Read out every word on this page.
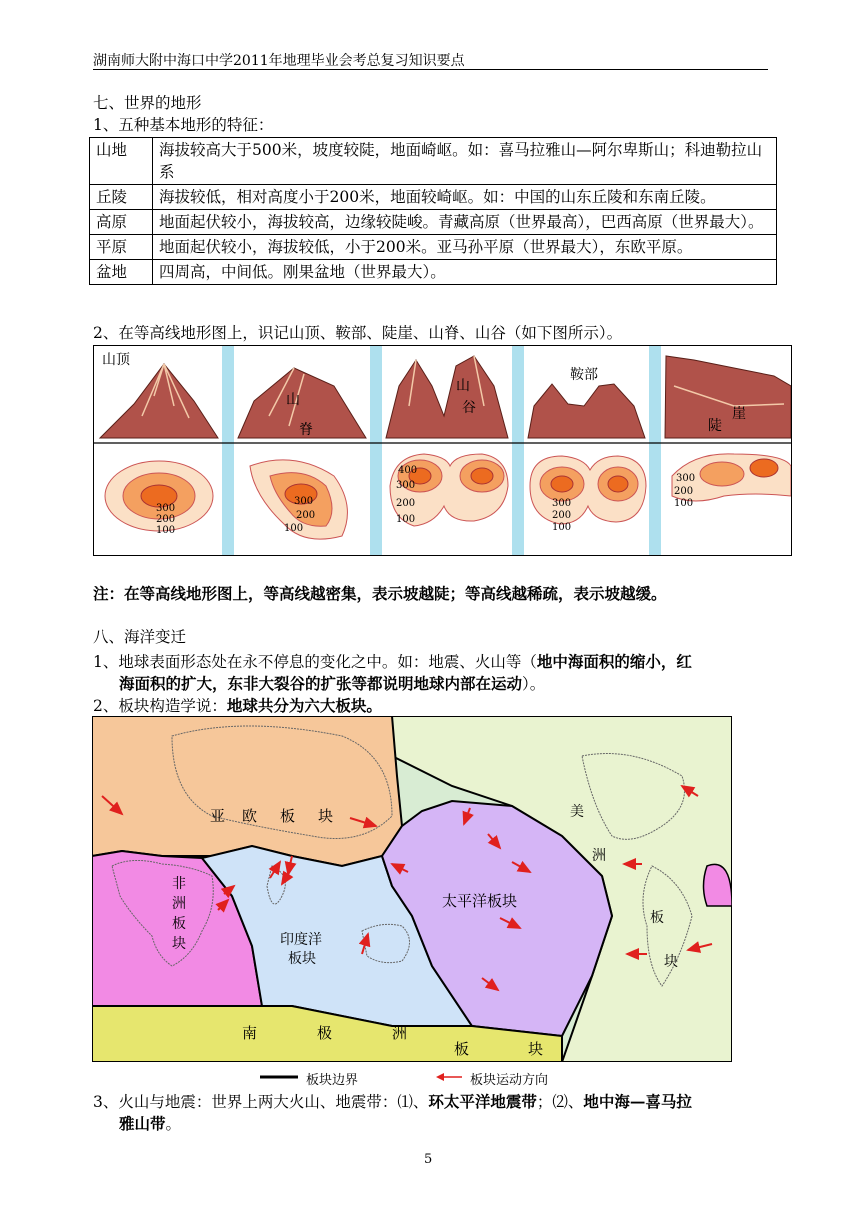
湖南师大附中海口中学2011年地理毕业会考总复习知识要点
七、世界的地形
1、五种基本地形的特征：
山地	海拔较高大于500米，坡度较陡，地面崎岖。如：喜马拉雅山—阿尔卑斯山；科迪勒拉山系
丘陵	海拔较低，相对高度小于200米，地面较崎岖。如：中国的山东丘陵和东南丘陵。
高原	地面起伏较小，海拔较高，边缘较陡峻。青藏高原（世界最高），巴西高原（世界最大）。
平原	地面起伏较小，海拔较低，小于200米。亚马孙平原（世界最大），东欧平原。
盆地	四周高，中间低。刚果盆地（世界最大）。
2、在等高线地形图上，识记山顶、鞍部、陡崖、山脊、山谷（如下图所示）。
山顶
300
200
100
山
脊
300
200
100
山
谷
400
300
200
100
鞍部
300
200
100
陡
崖
300
200
100
注：在等高线地形图上，等高线越密集，表示坡越陡；等高线越稀疏，表示坡越缓。
八、海洋变迁
1、地球表面形态处在永不停息的变化之中。如：地震、火山等（地中海面积的缩小，红
海面积的扩大，东非大裂谷的扩张等都说明地球内部在运动）。
2、板块构造学说：地球共分为六大板块。
亚 欧 板 块
非
洲
板
块
太平洋板块
印度洋
板块
美
洲
板
块
南	极	洲
板	块
板块边界	板块运动方向
3、火山与地震：世界上两大火山、地震带：⑴、环太平洋地震带；⑵、地中海—喜马拉
雅山带。
5
